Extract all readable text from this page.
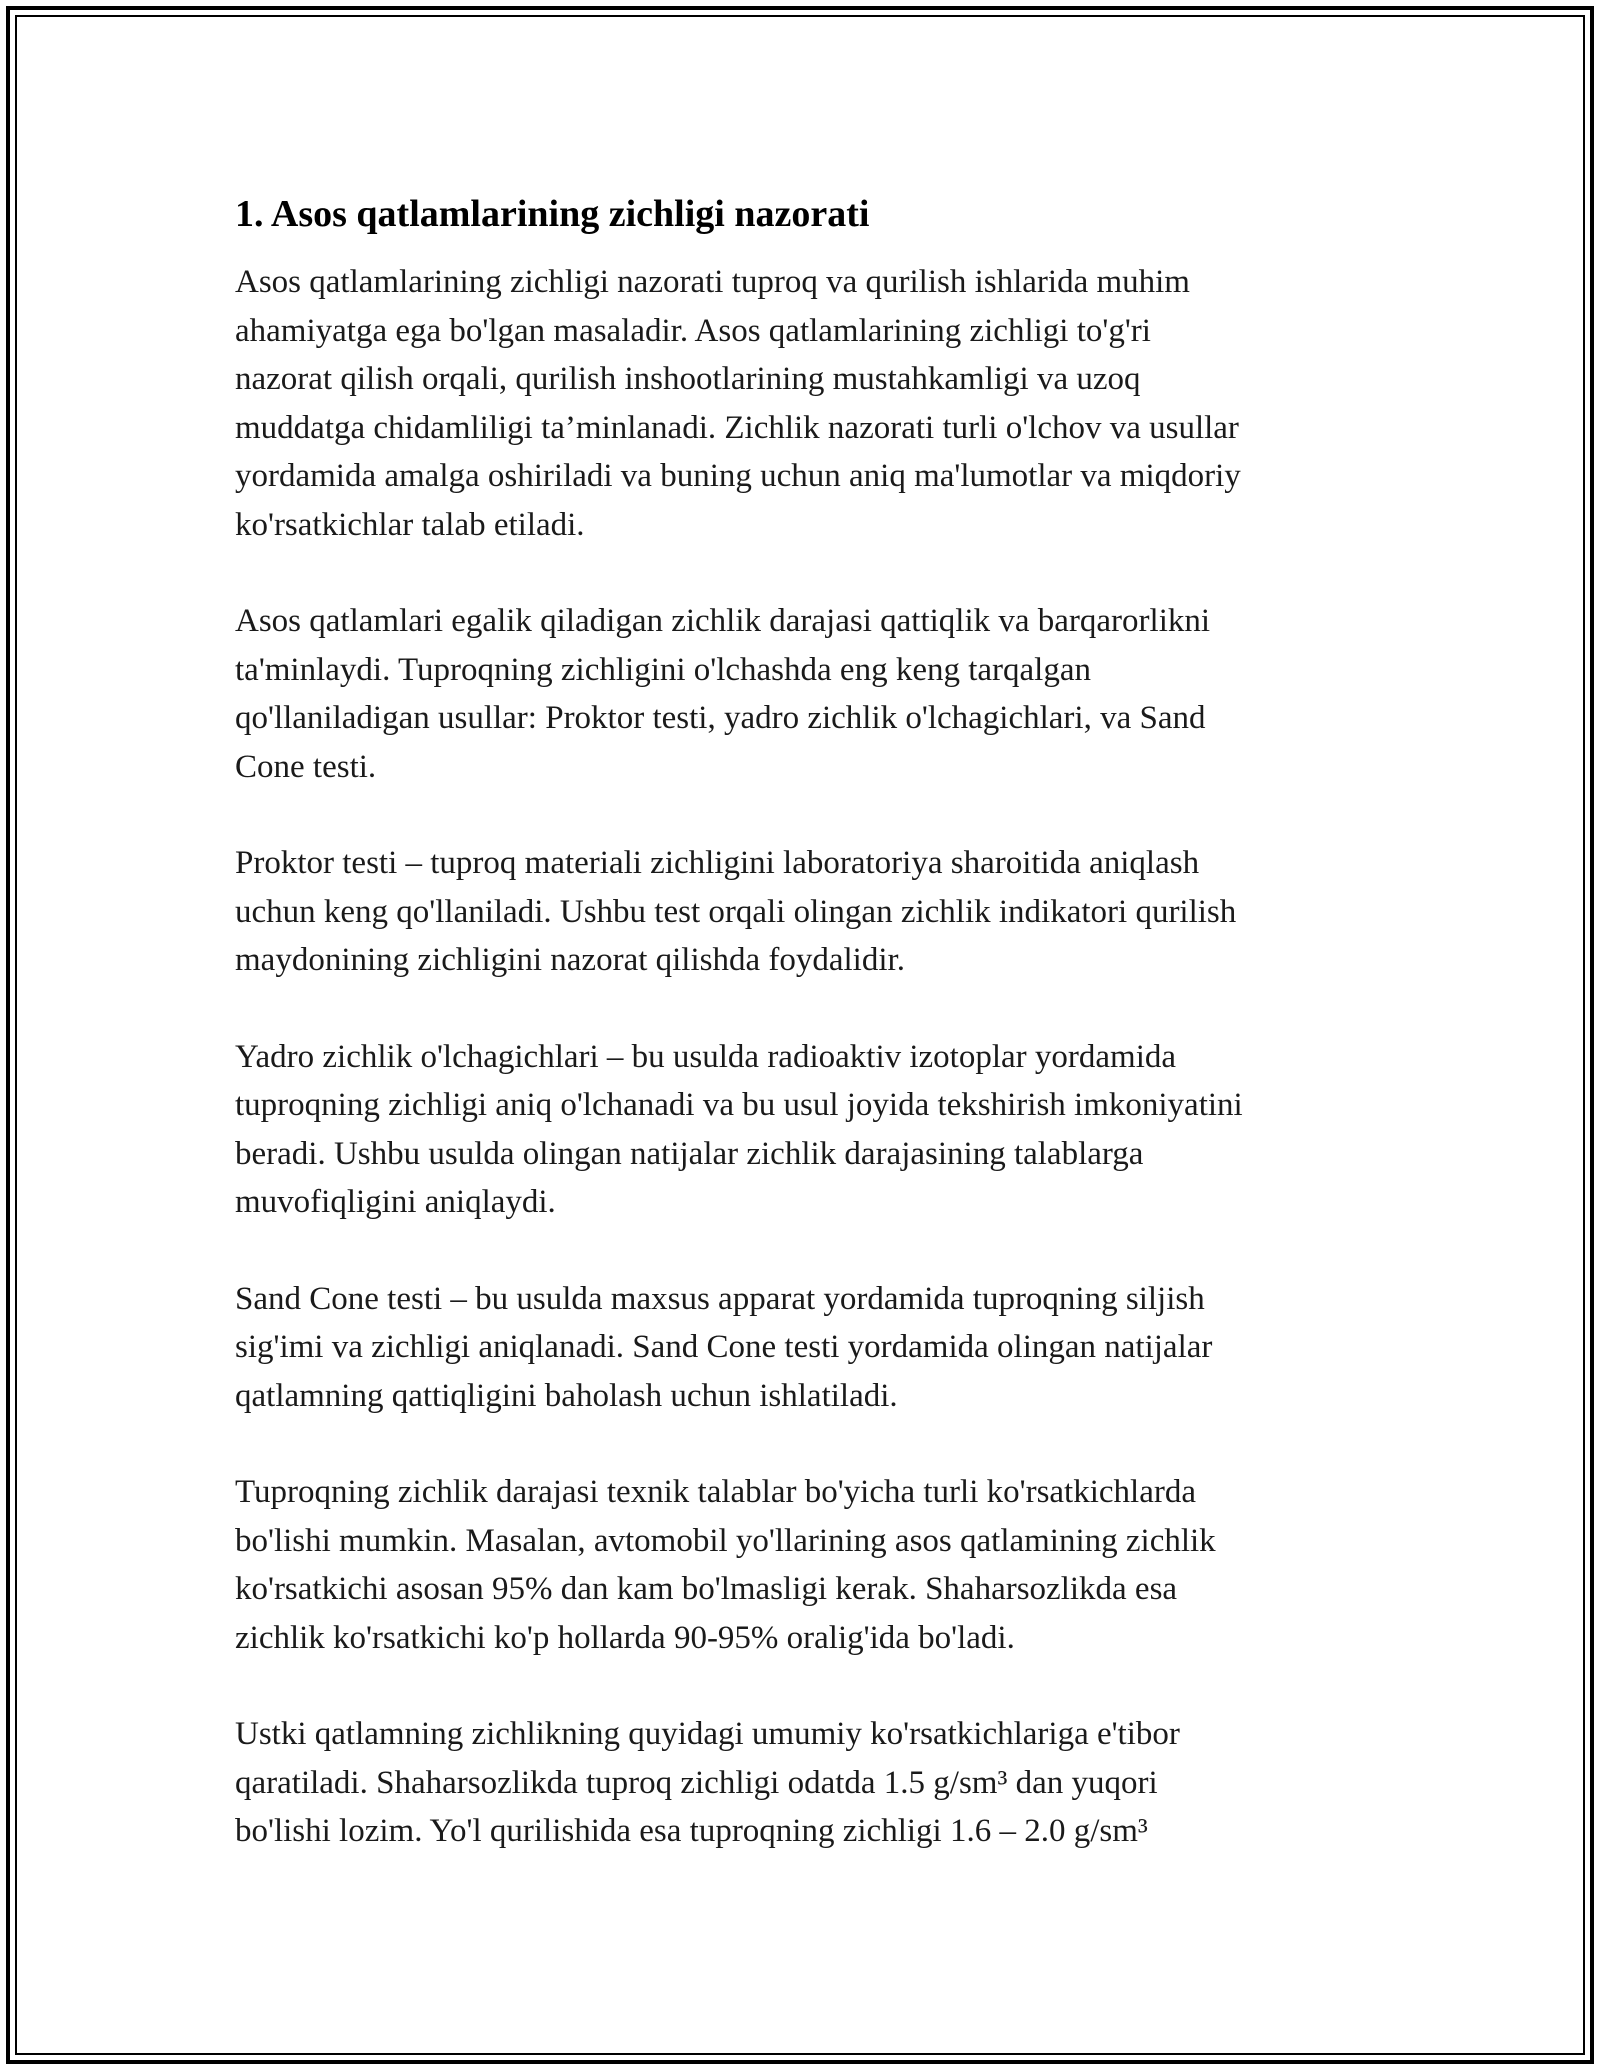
1. Asos qatlamlarining zichligi nazorati

Asos qatlamlarining zichligi nazorati tuproq va qurilish ishlarida muhim
ahamiyatga ega bo'lgan masaladir. Asos qatlamlarining zichligi to'g'ri
nazorat qilish orqali, qurilish inshootlarining mustahkamligi va uzoq
muddatga chidamliligi ta’minlanadi. Zichlik nazorati turli o'lchov va usullar
yordamida amalga oshiriladi va buning uchun aniq ma'lumotlar va miqdoriy
ko'rsatkichlar talab etiladi.

Asos qatlamlari egalik qiladigan zichlik darajasi qattiqlik va barqarorlikni
ta'minlaydi. Tuproqning zichligini o'lchashda eng keng tarqalgan
qo'llaniladigan usullar: Proktor testi, yadro zichlik o'lchagichlari, va Sand
Cone testi.

Proktor testi – tuproq materiali zichligini laboratoriya sharoitida aniqlash
uchun keng qo'llaniladi. Ushbu test orqali olingan zichlik indikatori qurilish
maydonining zichligini nazorat qilishda foydalidir.

Yadro zichlik o'lchagichlari – bu usulda radioaktiv izotoplar yordamida
tuproqning zichligi aniq o'lchanadi va bu usul joyida tekshirish imkoniyatini
beradi. Ushbu usulda olingan natijalar zichlik darajasining talablarga
muvofiqligini aniqlaydi.

Sand Cone testi – bu usulda maxsus apparat yordamida tuproqning siljish
sig'imi va zichligi aniqlanadi. Sand Cone testi yordamida olingan natijalar
qatlamning qattiqligini baholash uchun ishlatiladi.

Tuproqning zichlik darajasi texnik talablar bo'yicha turli ko'rsatkichlarda
bo'lishi mumkin. Masalan, avtomobil yo'llarining asos qatlamining zichlik
ko'rsatkichi asosan 95% dan kam bo'lmasligi kerak. Shaharsozlikda esa
zichlik ko'rsatkichi ko'p hollarda 90-95% oralig'ida bo'ladi.

Ustki qatlamning zichlikning quyidagi umumiy ko'rsatkichlariga e'tibor
qaratiladi. Shaharsozlikda tuproq zichligi odatda 1.5 g/sm³ dan yuqori
bo'lishi lozim. Yo'l qurilishida esa tuproqning zichligi 1.6 – 2.0 g/sm³
